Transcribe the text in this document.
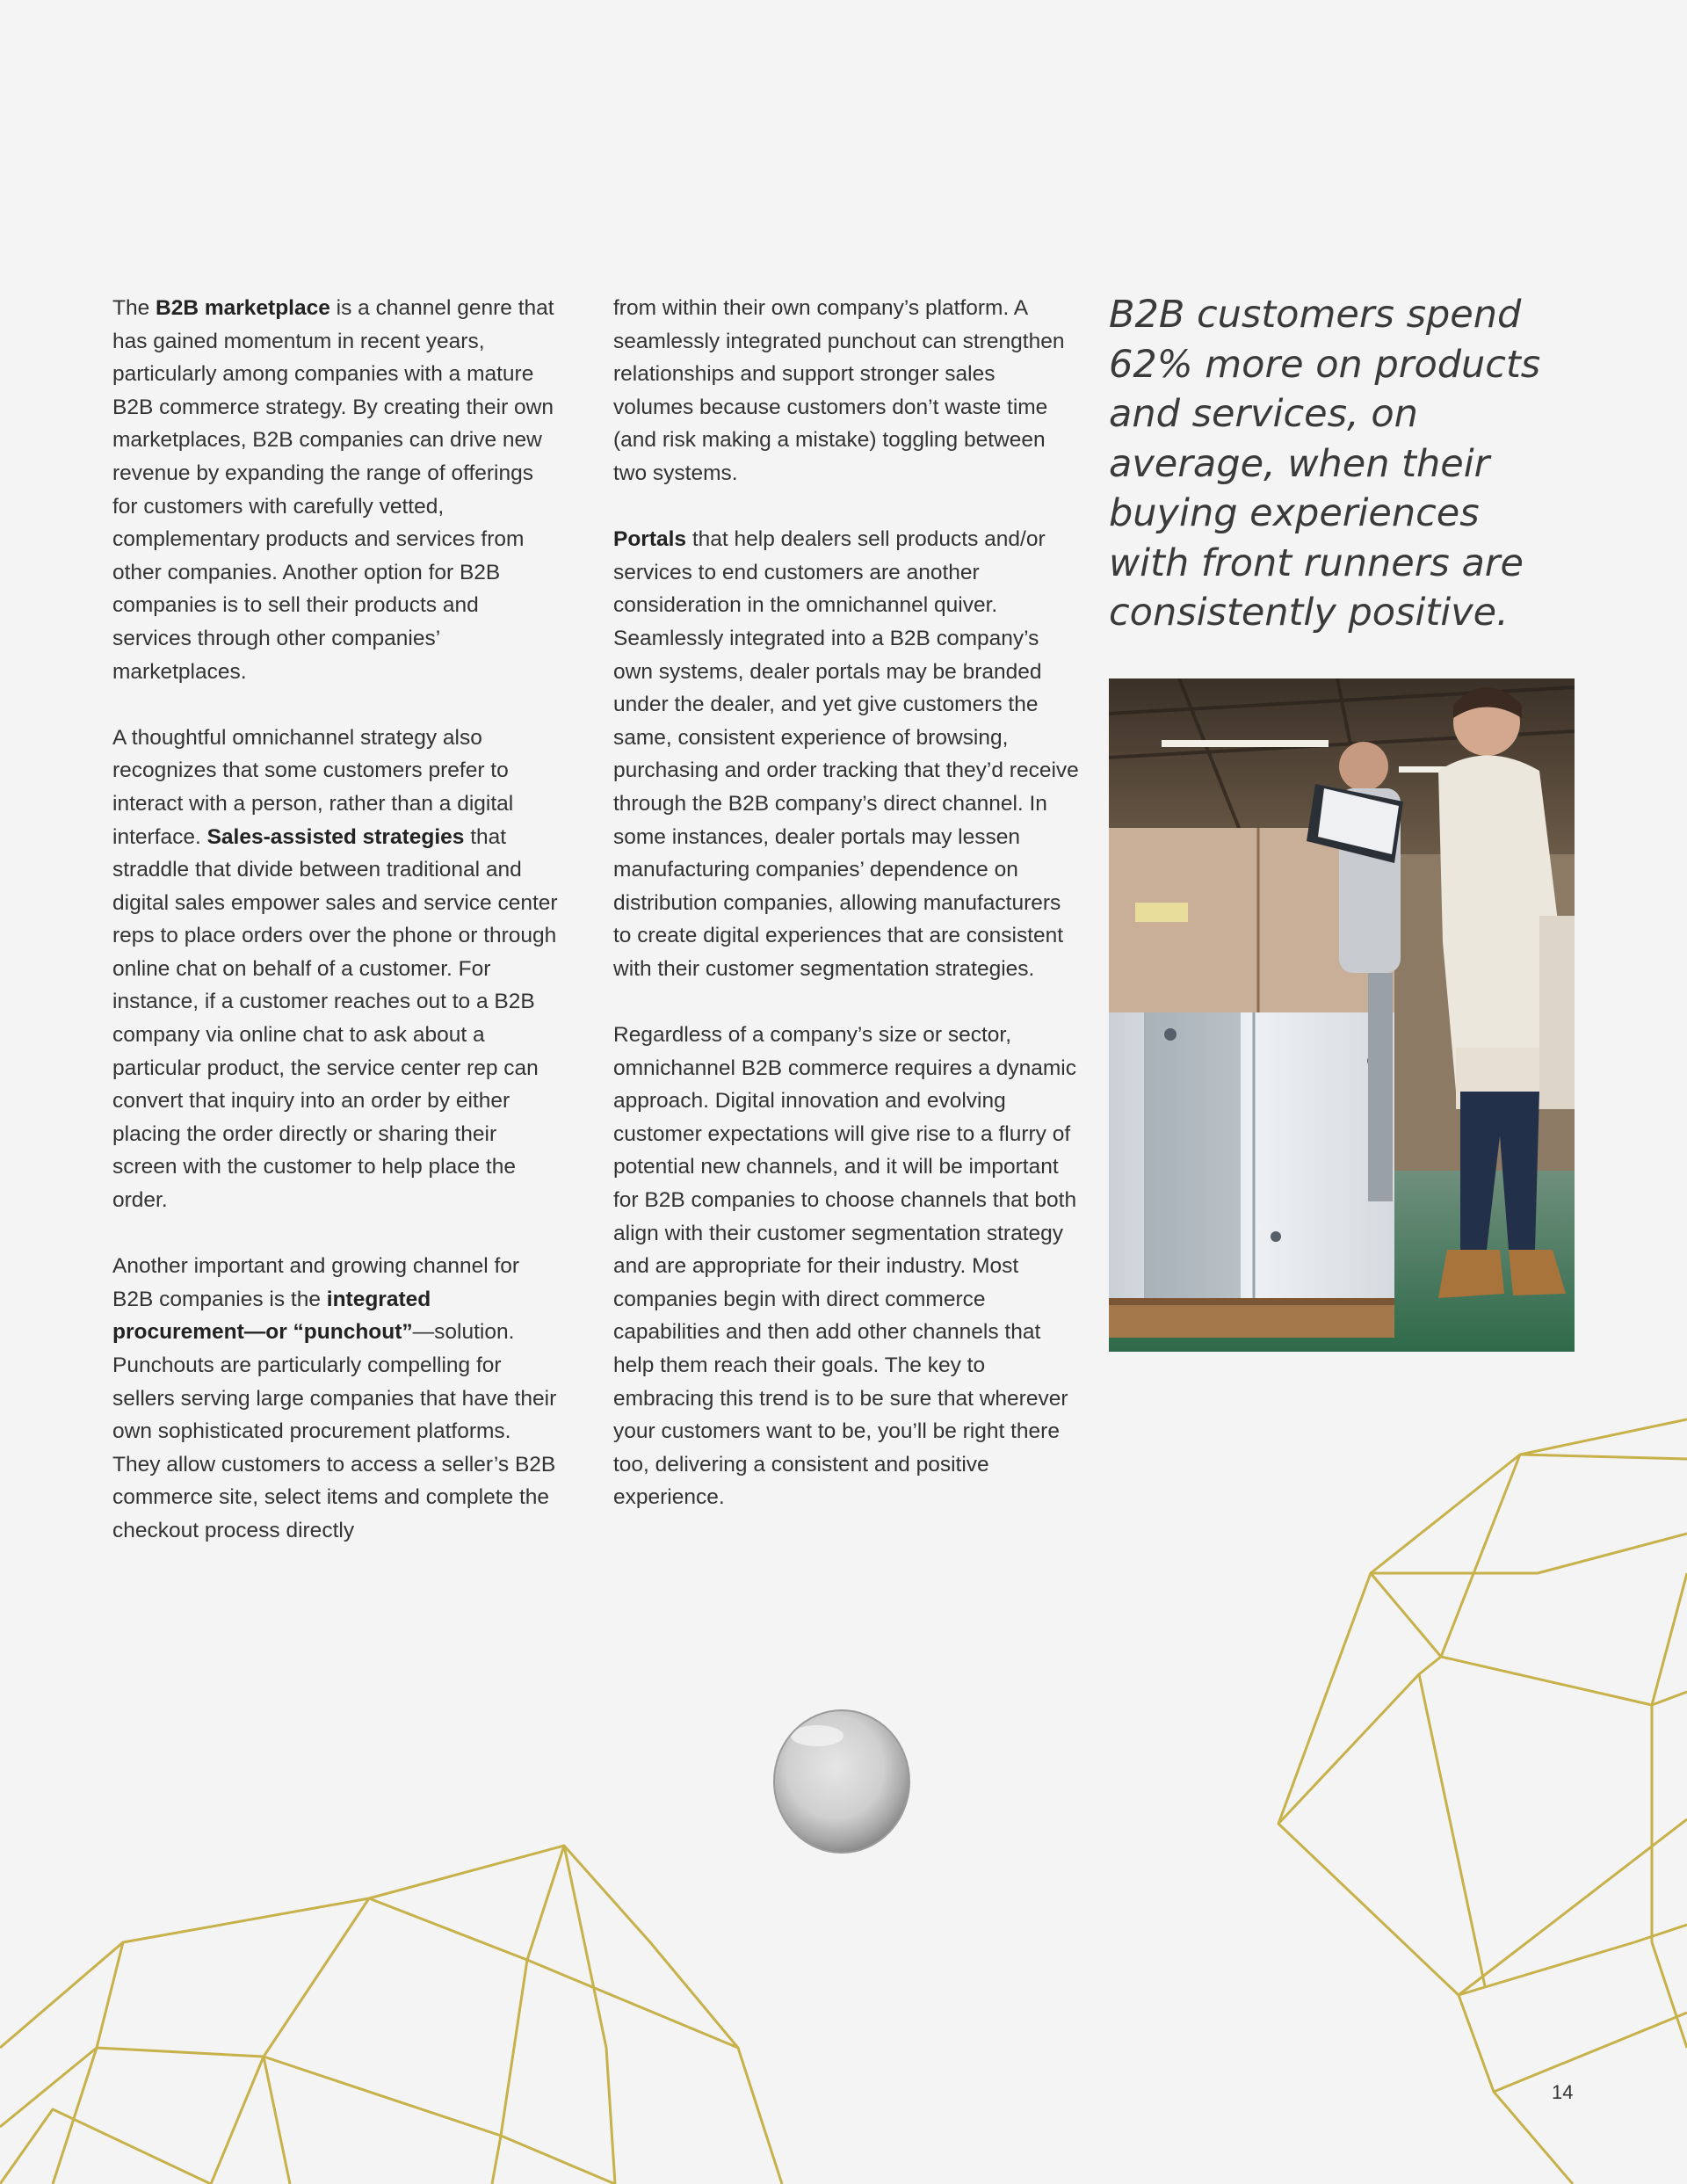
The B2B marketplace is a channel genre that has gained momentum in recent years, particularly among companies with a mature B2B commerce strategy. By creating their own marketplaces, B2B companies can drive new revenue by expanding the range of offerings for customers with carefully vetted, complementary products and services from other companies. Another option for B2B companies is to sell their products and services through other companies’ marketplaces.

A thoughtful omnichannel strategy also recognizes that some customers prefer to interact with a person, rather than a digital interface. Sales-assisted strategies that straddle that divide between traditional and digital sales empower sales and service center reps to place orders over the phone or through online chat on behalf of a customer. For instance, if a customer reaches out to a B2B company via online chat to ask about a particular product, the service center rep can convert that inquiry into an order by either placing the order directly or sharing their screen with the customer to help place the order.

Another important and growing channel for B2B companies is the integrated procurement—or “punchout”—solution. Punchouts are particularly compelling for sellers serving large companies that have their own sophisticated procurement platforms. They allow customers to access a seller’s B2B commerce site, select items and complete the checkout process directly

from within their own company’s platform. A seamlessly integrated punchout can strengthen relationships and support stronger sales volumes because customers don’t waste time (and risk making a mistake) toggling between two systems.

Portals that help dealers sell products and/or services to end customers are another consideration in the omnichannel quiver. Seamlessly integrated into a B2B company’s own systems, dealer portals may be branded under the dealer, and yet give customers the same, consistent experience of browsing, purchasing and order tracking that they’d receive through the B2B company’s direct channel. In some instances, dealer portals may lessen manufacturing companies’ dependence on distribution companies, allowing manufacturers to create digital experiences that are consistent with their customer segmentation strategies.

Regardless of a company’s size or sector, omnichannel B2B commerce requires a dynamic approach. Digital innovation and evolving customer expectations will give rise to a flurry of potential new channels, and it will be important for B2B companies to choose channels that both align with their customer segmentation strategy and are appropriate for their industry. Most companies begin with direct commerce capabilities and then add other channels that help them reach their goals. The key to embracing this trend is to be sure that wherever your customers want to be, you’ll be right there too, delivering a consistent and positive experience.

B2B customers spend 62% more on products and services, on average, when their buying experiences with front runners are consistently positive.
14
